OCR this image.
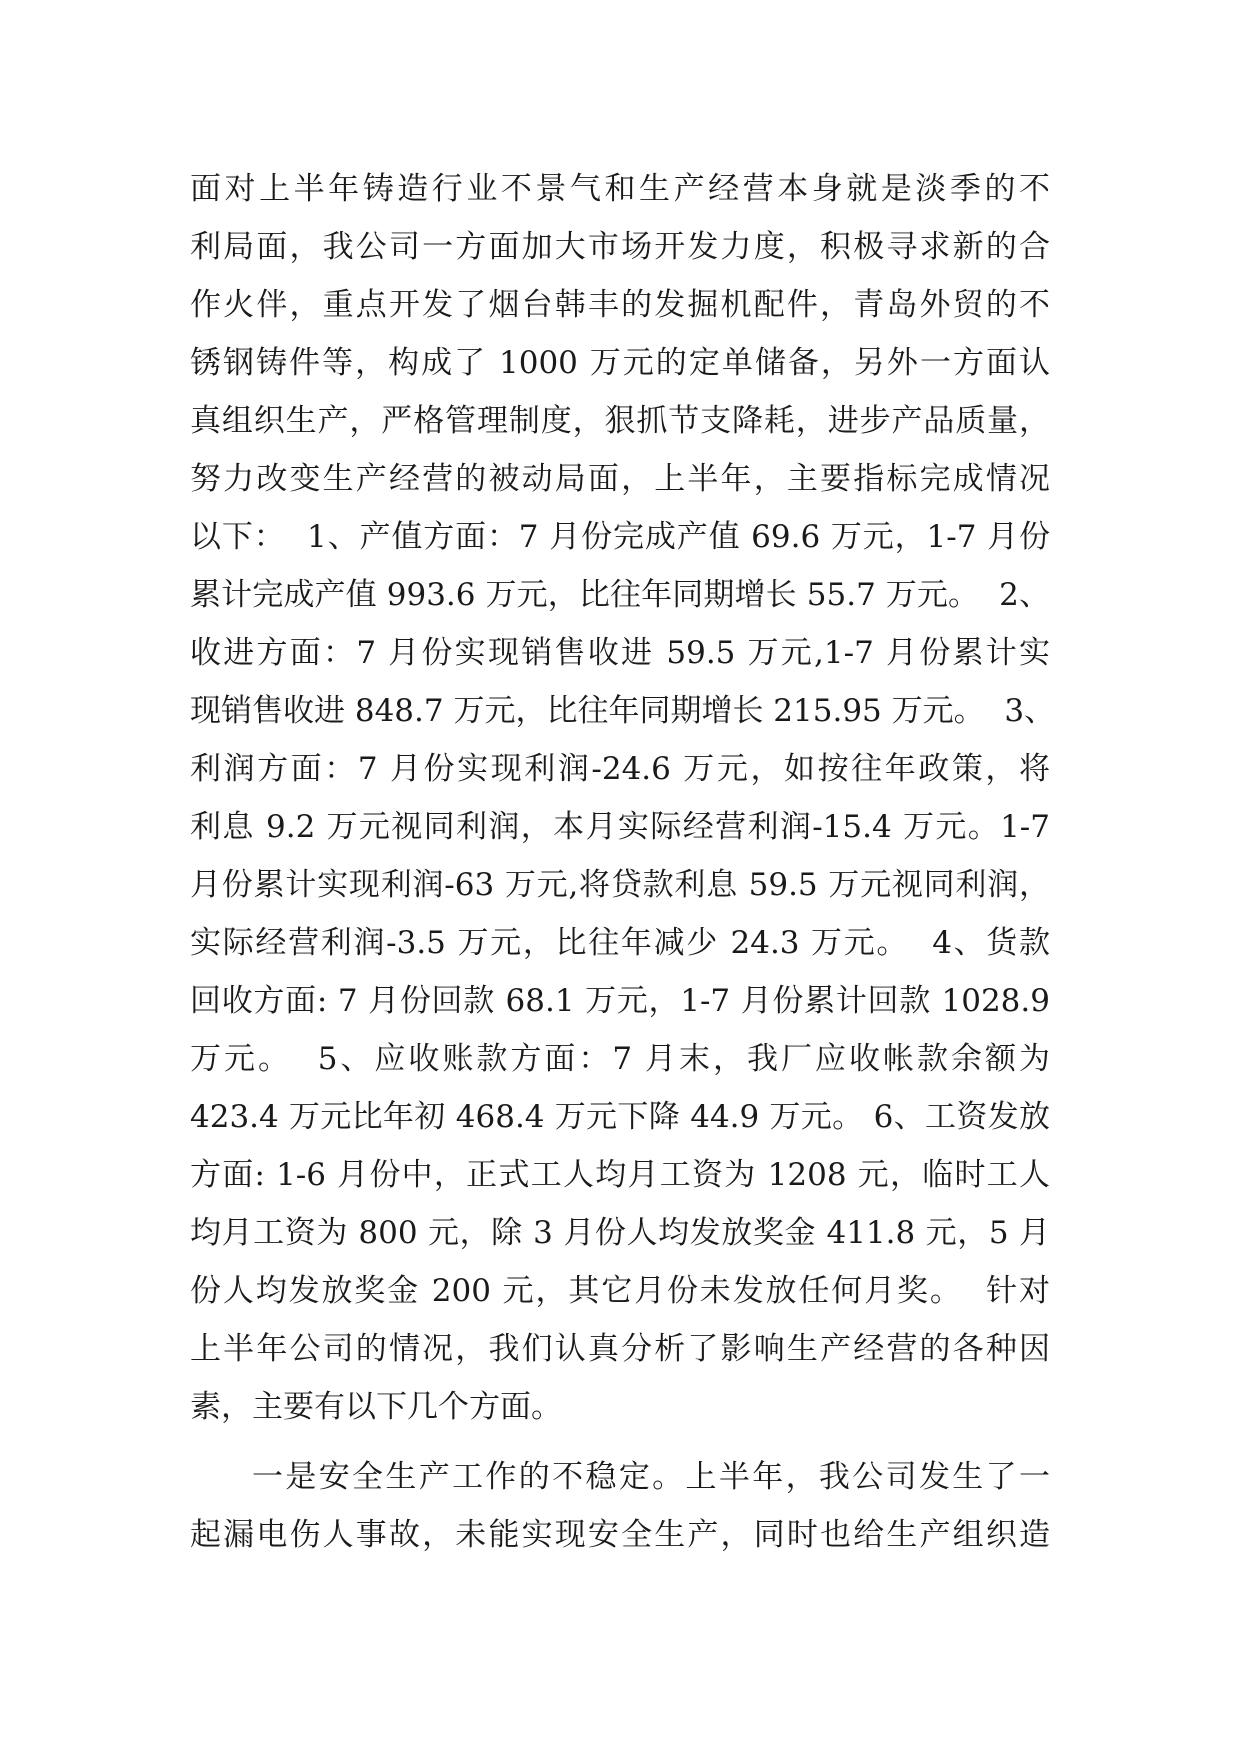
面对上半年铸造行业不景气和生产经营本身就是淡季的不
利局面，我公司一方面加大市场开发力度，积极寻求新的合
作火伴，重点开发了烟台韩丰的发掘机配件，青岛外贸的不
锈钢铸件等，构成了 1000 万元的定单储备，另外一方面认
真组织生产，严格管理制度，狠抓节支降耗，进步产品质量，
努力改变生产经营的被动局面，上半年，主要指标完成情况
以下：  1、产值方面：7 月份完成产值 69.6 万元，1-7 月份
累计完成产值 993.6 万元，比往年同期增长 55.7 万元。  2、
收进方面：7 月份实现销售收进 59.5 万元,1-7 月份累计实
现销售收进 848.7 万元，比往年同期增长 215.95 万元。  3、
利润方面：7 月份实现利润-24.6 万元，如按往年政策，将
利息 9.2 万元视同利润，本月实际经营利润-15.4 万元。1-7
月份累计实现利润-63 万元,将贷款利息 59.5 万元视同利润，
实际经营利润-3.5 万元，比往年减少 24.3 万元。  4、货款
回收方面: 7 月份回款 68.1 万元，1-7 月份累计回款 1028.9
万元。  5、应收账款方面：7 月末，我厂应收帐款余额为
423.4 万元比年初 468.4 万元下降 44.9 万元。 6、工资发放
方面: 1-6 月份中，正式工人均月工资为 1208 元，临时工人
均月工资为 800 元，除 3 月份人均发放奖金 411.8 元，5 月
份人均发放奖金 200 元，其它月份未发放任何月奖。  针对
上半年公司的情况，我们认真分析了影响生产经营的各种因
素，主要有以下几个方面。
一是安全生产工作的不稳定。上半年，我公司发生了一
起漏电伤人事故，未能实现安全生产，同时也给生产组织造
